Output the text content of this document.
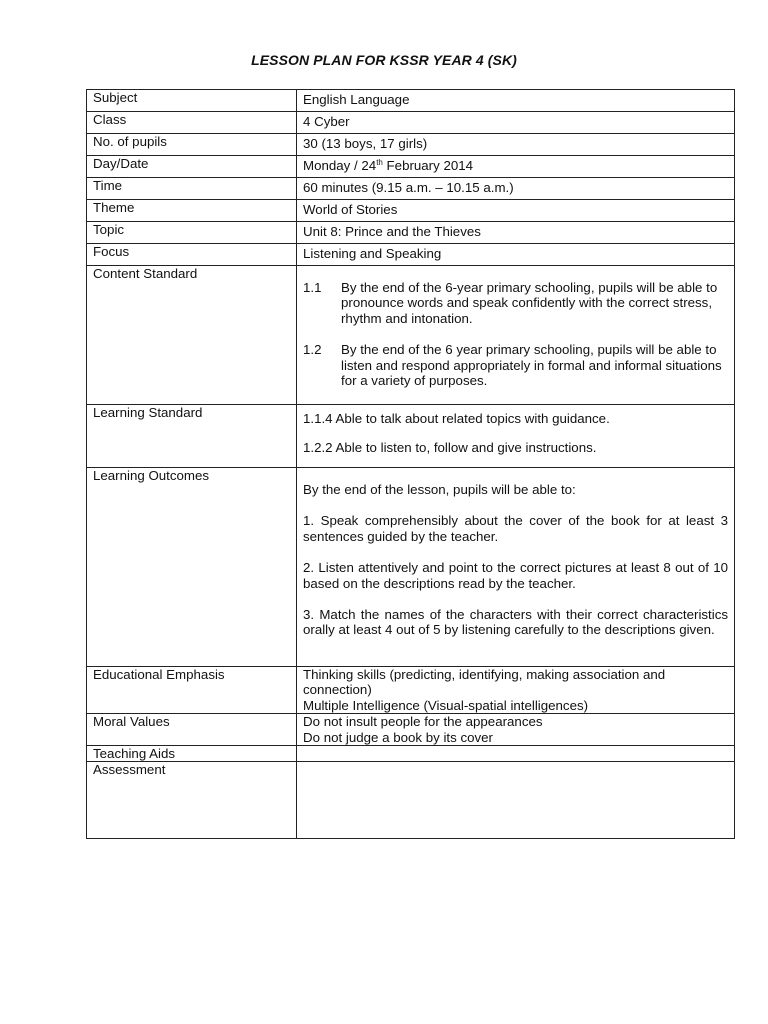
LESSON PLAN FOR KSSR YEAR 4 (SK)
Subject	English Language
Class	4 Cyber
No. of pupils	30 (13 boys, 17 girls)
Day/Date	Monday / 24th February 2014
Time	60 minutes (9.15 a.m. – 10.15 a.m.)
Theme	World of Stories
Topic	Unit 8: Prince and the Thieves
Focus	Listening and Speaking
Content Standard	1.1 By the end of the 6-year primary schooling, pupils will be able to pronounce words and speak confidently with the correct stress, rhythm and intonation.
1.2 By the end of the 6 year primary schooling, pupils will be able to listen and respond appropriately in formal and informal situations for a variety of purposes.

Learning Standard	1.1.4 Able to talk about related topics with guidance.

1.2.2 Able to listen to, follow and give instructions.

Learning Outcomes	By the end of the lesson, pupils will be able to:

1. Speak comprehensibly about the cover of the book for at least 3 sentences guided by the teacher.

2. Listen attentively and point to the correct pictures at least 8 out of 10 based on the descriptions read by the teacher.

3. Match the names of the characters with their correct characteristics orally at least 4 out of 5 by listening carefully to the descriptions given.

Educational Emphasis	Thinking skills (predicting, identifying, making association and connection)
Multiple Intelligence (Visual-spatial intelligences)

Moral Values	Do not insult people for the appearances
Do not judge a book by its cover

Teaching Aids	
Assessment	
